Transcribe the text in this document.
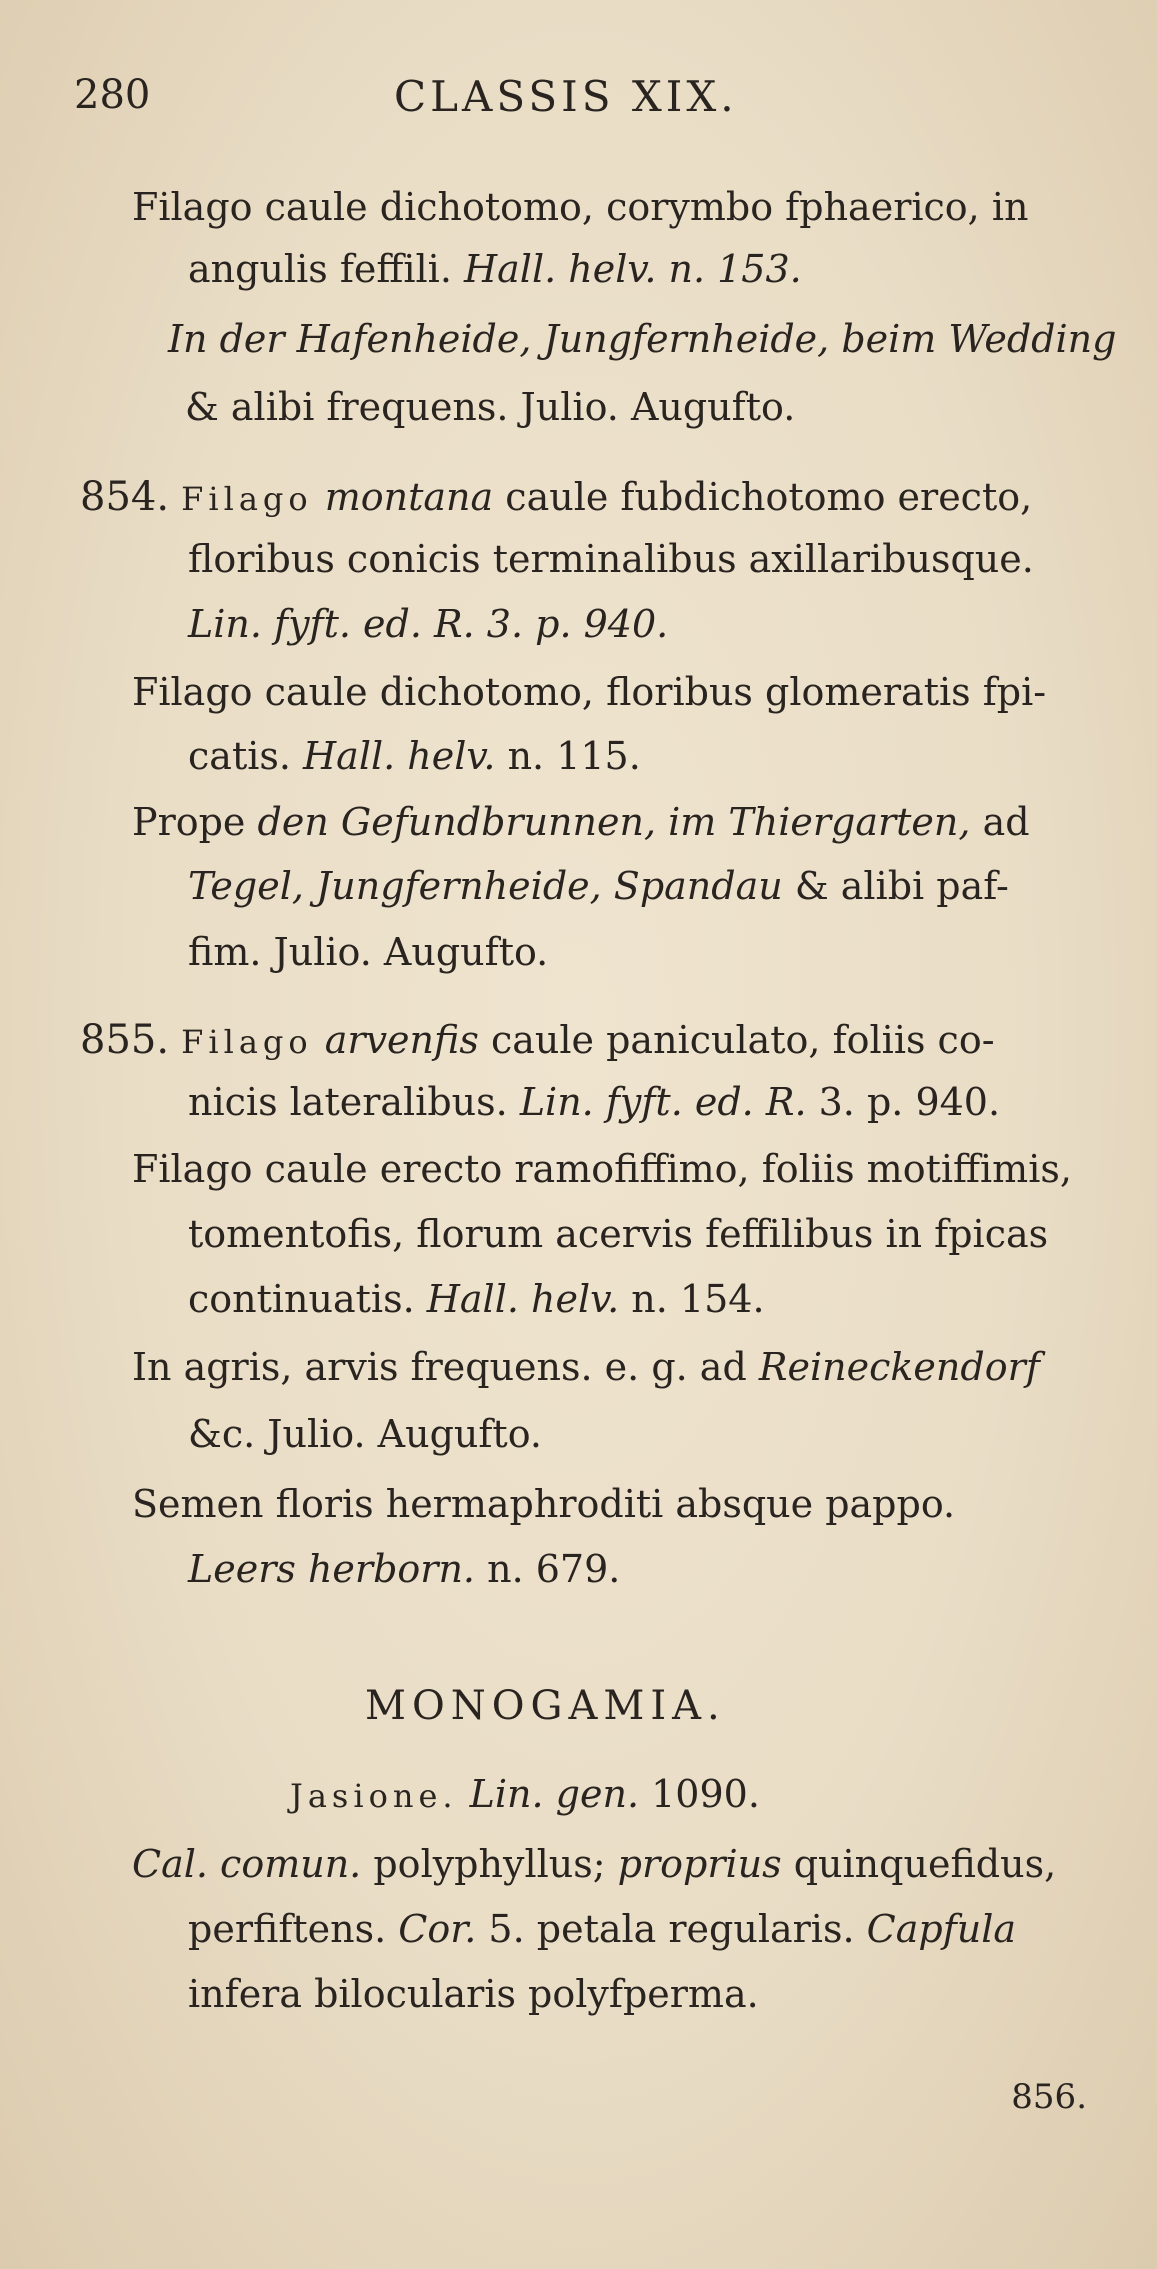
280	CLASSIS XIX.
Filago caule dichotomo, corymbo fphaerico, in
angulis feffili. Hall. helv. n. 153.
In der Hafenheide, Jungfernheide, beim Wedding
& alibi frequens. Julio. Augufto.
854. Filago montana caule fubdichotomo erecto,
floribus conicis terminalibus axillaribusque.
Lin. fyft. ed. R. 3. p. 940.
Filago caule dichotomo, floribus glomeratis fpi-
catis. Hall. helv. n. 115.
Prope den Gefundbrunnen, im Thiergarten, ad
Tegel, Jungfernheide, Spandau & alibi paf-
fim. Julio. Augufto.
855. Filago arvenfis caule paniculato, foliis co-
nicis lateralibus. Lin. fyft. ed. R. 3. p. 940.
Filago caule erecto ramofiffimo, foliis motiffimis,
tomentofis, florum acervis feffilibus in fpicas
continuatis. Hall. helv. n. 154.
In agris, arvis frequens. e. g. ad Reineckendorf
&c. Julio. Augufto.
Semen floris hermaphroditi absque pappo.
Leers herborn. n. 679.
MONOGAMIA.
Jasione. Lin. gen. 1090.
Cal. comun. polyphyllus; proprius quinquefidus,
perfiftens. Cor. 5. petala regularis. Capfula
infera bilocularis polyfperma.
856.
